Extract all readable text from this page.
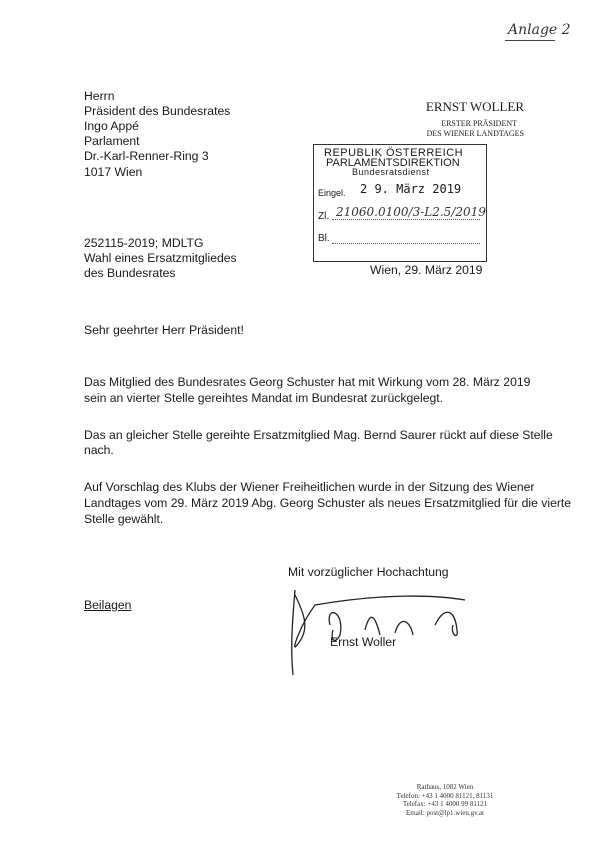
Anlage 2
Herrn
Präsident des Bundesrates
Ingo Appé
Parlament
Dr.-Karl-Renner-Ring 3
1017 Wien
ERNST WOLLER
ERSTER PRÄSIDENT
DES WIENER LANDTAGES
REPUBLIK ÖSTERREICH
PARLAMENTSDIREKTION
Bundesratsdienst
Eingel. 2 9. März 2019
Zl. 21060.0100/3-L2.5/2019
Bl.
Wien, 29. März 2019
252115-2019; MDLTG
Wahl eines Ersatzmitgliedes
des Bundesrates
Sehr geehrter Herr Präsident!
Das Mitglied des Bundesrates Georg Schuster hat mit Wirkung vom 28. März 2019
sein an vierter Stelle gereihtes Mandat im Bundesrat zurückgelegt.
Das an gleicher Stelle gereihte Ersatzmitglied Mag. Bernd Saurer rückt auf diese Stelle
nach.
Auf Vorschlag des Klubs der Wiener Freiheitlichen wurde in der Sitzung des Wiener
Landtages vom 29. März 2019 Abg. Georg Schuster als neues Ersatzmitglied für die vierte
Stelle gewählt.
Mit vorzüglicher Hochachtung
Beilagen
Ernst Woller
Rathaus, 1082 Wien
Telefon: +43 1 4000 81121, 81131
Telefax: +43 1 4000 99 81121
Email: post@lp1.wien.gv.at
